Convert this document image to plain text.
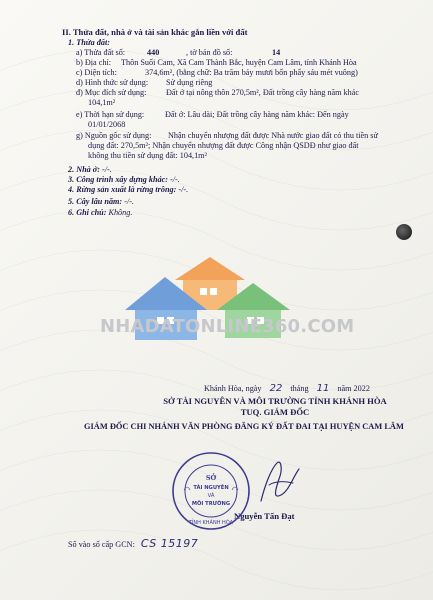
NHADATONLINE360.COM
II. Thửa đất, nhà ở và tài sản khác gắn liền với đất
1. Thửa đất:
a) Thửa đất số:	440	, tờ bản đồ số:	14
b) Địa chỉ: Thôn Suối Cam, Xã Cam Thành Bắc, huyện Cam Lâm, tỉnh Khánh Hòa
c) Diện tích:	374,6m², (bằng chữ: Ba trăm bảy mươi bốn phẩy sáu mét vuông)
d) Hình thức sử dụng: Sử dụng riêng
đ) Mục đích sử dụng: Đất ở tại nông thôn 270,5m², Đất trồng cây hàng năm khác
104,1m²
e) Thời hạn sử dụng:	Đất ở: Lâu dài; Đất trồng cây hàng năm khác: Đến ngày
01/01/2068
g) Nguồn gốc sử dụng: Nhận chuyển nhượng đất được Nhà nước giao đất có thu tiền sử
dụng đất: 270,5m²; Nhận chuyển nhượng đất được Công nhận QSDĐ như giao đất
không thu tiền sử dụng đất: 104,1m²
2. Nhà ở: -/-.
3. Công trình xây dựng khác: -/-.
4. Rừng sản xuất là rừng trồng: -/-.
5. Cây lâu năm: -/-.
6. Ghi chú: Không.
Khánh Hòa, ngày 22 tháng 11 năm 2022
SỞ TÀI NGUYÊN VÀ MÔI TRƯỜNG TỈNH KHÁNH HÒA
TUQ. GIÁM ĐỐC
GIÁM ĐỐC CHI NHÁNH VĂN PHÒNG ĐĂNG KÝ ĐẤT ĐAI TẠI HUYỆN CAM LÂM
Nguyễn Tấn Đạt
Số vào sổ cấp GCN: CS 15197
TỈNH KHÁNH HÒA
SỞ
TÀI NGUYÊN
VÀ
MÔI TRƯỜNG
